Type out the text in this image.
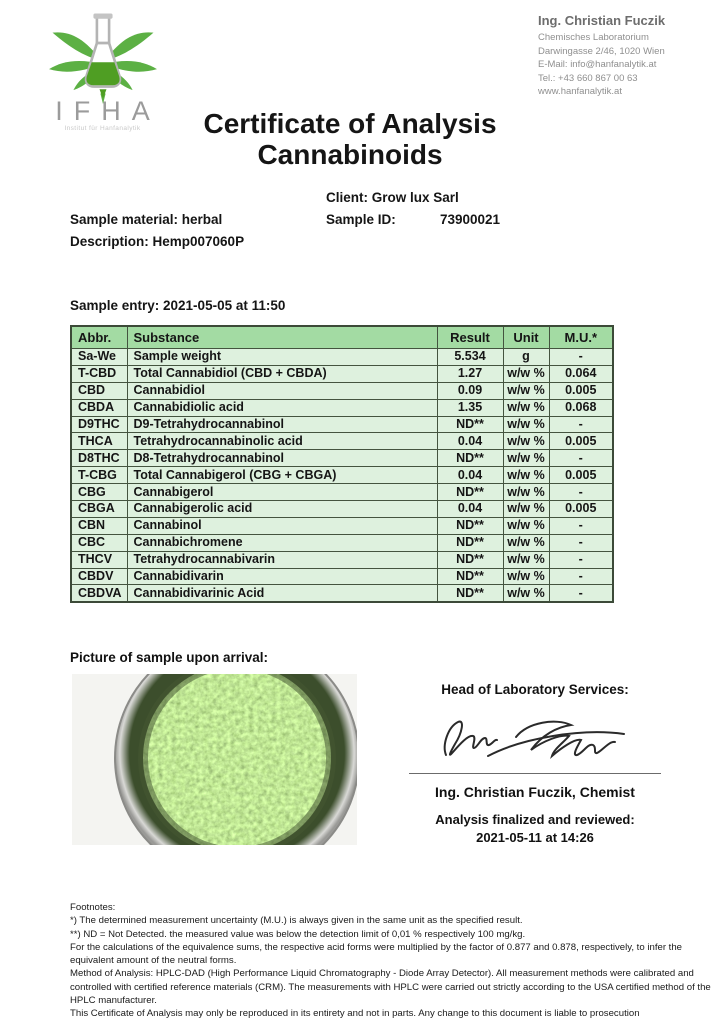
IFHA
Institut für Hanfanalytik
Ing. Christian Fuczik
Chemisches Laboratorium
Darwingasse 2/46, 1020 Wien
E-Mail: info@hanfanalytik.at
Tel.: +43 660 867 00 63
www.hanfanalytik.at
Certificate of Analysis
Cannabinoids
Client: Grow lux Sarl
Sample material: herbal	Sample ID:	73900021
Description: Hemp007060P
Sample entry: 2021-05-05 at 11:50
Abbr.	Substance	Result	Unit	M.U.*
Sa-We	Sample weight	5.534	g	-
T-CBD	Total Cannabidiol (CBD + CBDA)	1.27	w/w %	0.064
CBD	Cannabidiol	0.09	w/w %	0.005
CBDA	Cannabidiolic acid	1.35	w/w %	0.068
D9THC	D9-Tetrahydrocannabinol	ND**	w/w %	-
THCA	Tetrahydrocannabinolic acid	0.04	w/w %	0.005
D8THC	D8-Tetrahydrocannabinol	ND**	w/w %	-
T-CBG	Total Cannabigerol (CBG + CBGA)	0.04	w/w %	0.005
CBG	Cannabigerol	ND**	w/w %	-
CBGA	Cannabigerolic acid	0.04	w/w %	0.005
CBN	Cannabinol	ND**	w/w %	-
CBC	Cannabichromene	ND**	w/w %	-
THCV	Tetrahydrocannabivarin	ND**	w/w %	-
CBDV	Cannabidivarin	ND**	w/w %	-
CBDVA	Cannabidivarinic Acid	ND**	w/w %	-
Picture of sample upon arrival:
Head of Laboratory Services:
Ing. Christian Fuczik, Chemist
Analysis finalized and reviewed:
2021-05-11 at 14:26
Footnotes:
*) The determined measurement uncertainty (M.U.) is always given in the same unit as the specified result.
**) ND = Not Detected. the measured value was below the detection limit of 0,01 % respectively 100 mg/kg.
For the calculations of the equivalence sums, the respective acid forms were multiplied by the factor of 0.877 and 0.878, respectively, to infer the equivalent amount of the neutral forms.
Method of Analysis: HPLC-DAD (High Performance Liquid Chromatography - Diode Array Detector). All measurement methods were calibrated and controlled with certified reference materials (CRM). The measurements with HPLC were carried out strictly according to the USA certified method of the HPLC manufacturer.
This Certificate of Analysis may only be reproduced in its entirety and not in parts. Any change to this document is liable to prosecution
